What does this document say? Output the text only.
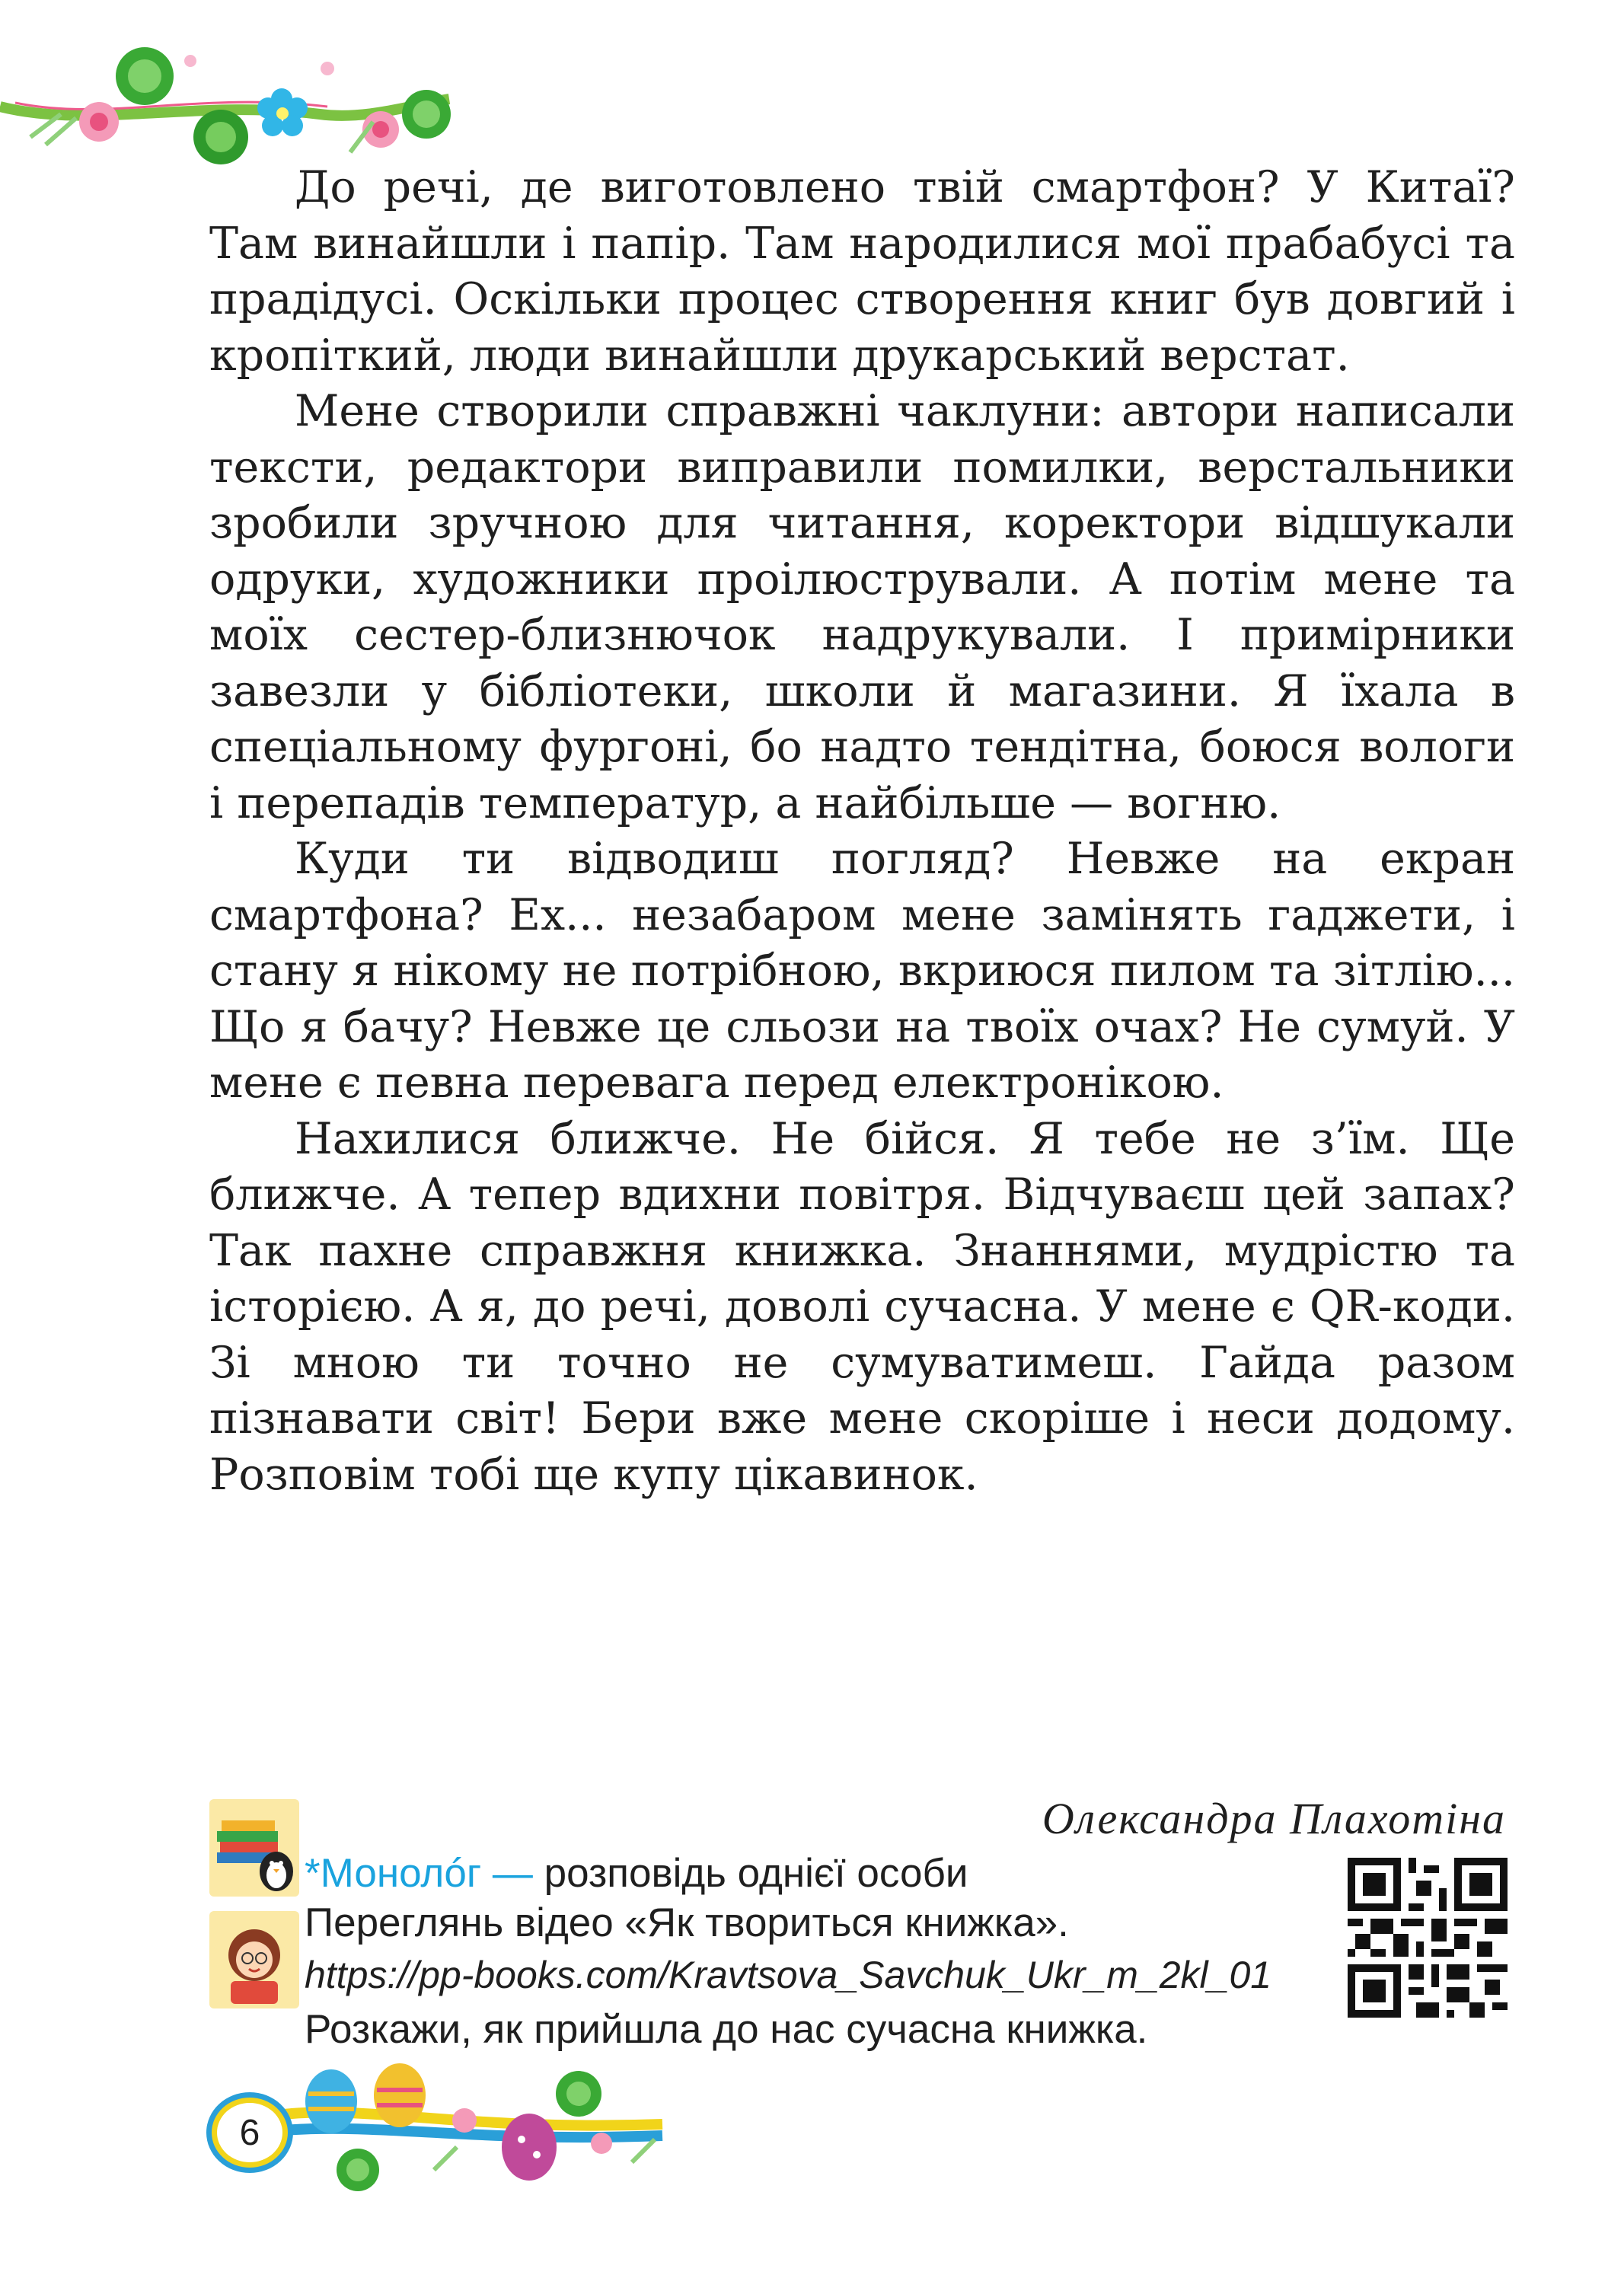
До речі, де виготовлено твій смартфон? У Китаї? Там винайшли і папір. Там народилися мої прабабусі та прадідусі. Оскільки процес створення книг був довгий і кропіткий, люди винайшли друкарський верстат.

Мене створили справжні чаклуни: автори написали тексти, редактори виправили помилки, верстальники зробили зручною для читання, коректори відшукали одруки, художники проілюстрували. А потім мене та моїх сестер-близнючок надрукували. І примірники завезли у бібліотеки, школи й магазини. Я їхала в спеціальному фургоні, бо надто тендітна, боюся вологи і перепадів температур, а найбільше — вогню.

Куди ти відводиш погляд? Невже на екран смартфона? Ех... незабаром мене замінять гаджети, і стану я нікому не потрібною, вкриюся пилом та зітлію... Що я бачу? Невже це сльози на твоїх очах? Не сумуй. У мене є певна перевага перед електронікою.

Нахилися ближче. Не бійся. Я тебе не з’їм. Ще ближче. А тепер вдихни повітря. Відчуваєш цей запах? Так пахне справжня книжка. Знаннями, мудрістю та історією. А я, до речі, доволі сучасна. У мене є QR-коди. Зі мною ти точно не сумуватимеш. Гайда разом пізнавати світ! Бери вже мене скоріше і неси додому. Розповім тобі ще купу цікавинок.

Олександра Плахотіна
*Монолóг — розповідь однієї особи
Переглянь відео «Як твориться книжка».
https://pp-books.com/Kravtsova_Savchuk_Ukr_m_2kl_01
Розкажи, як прийшла до нас сучасна книжка.
6
